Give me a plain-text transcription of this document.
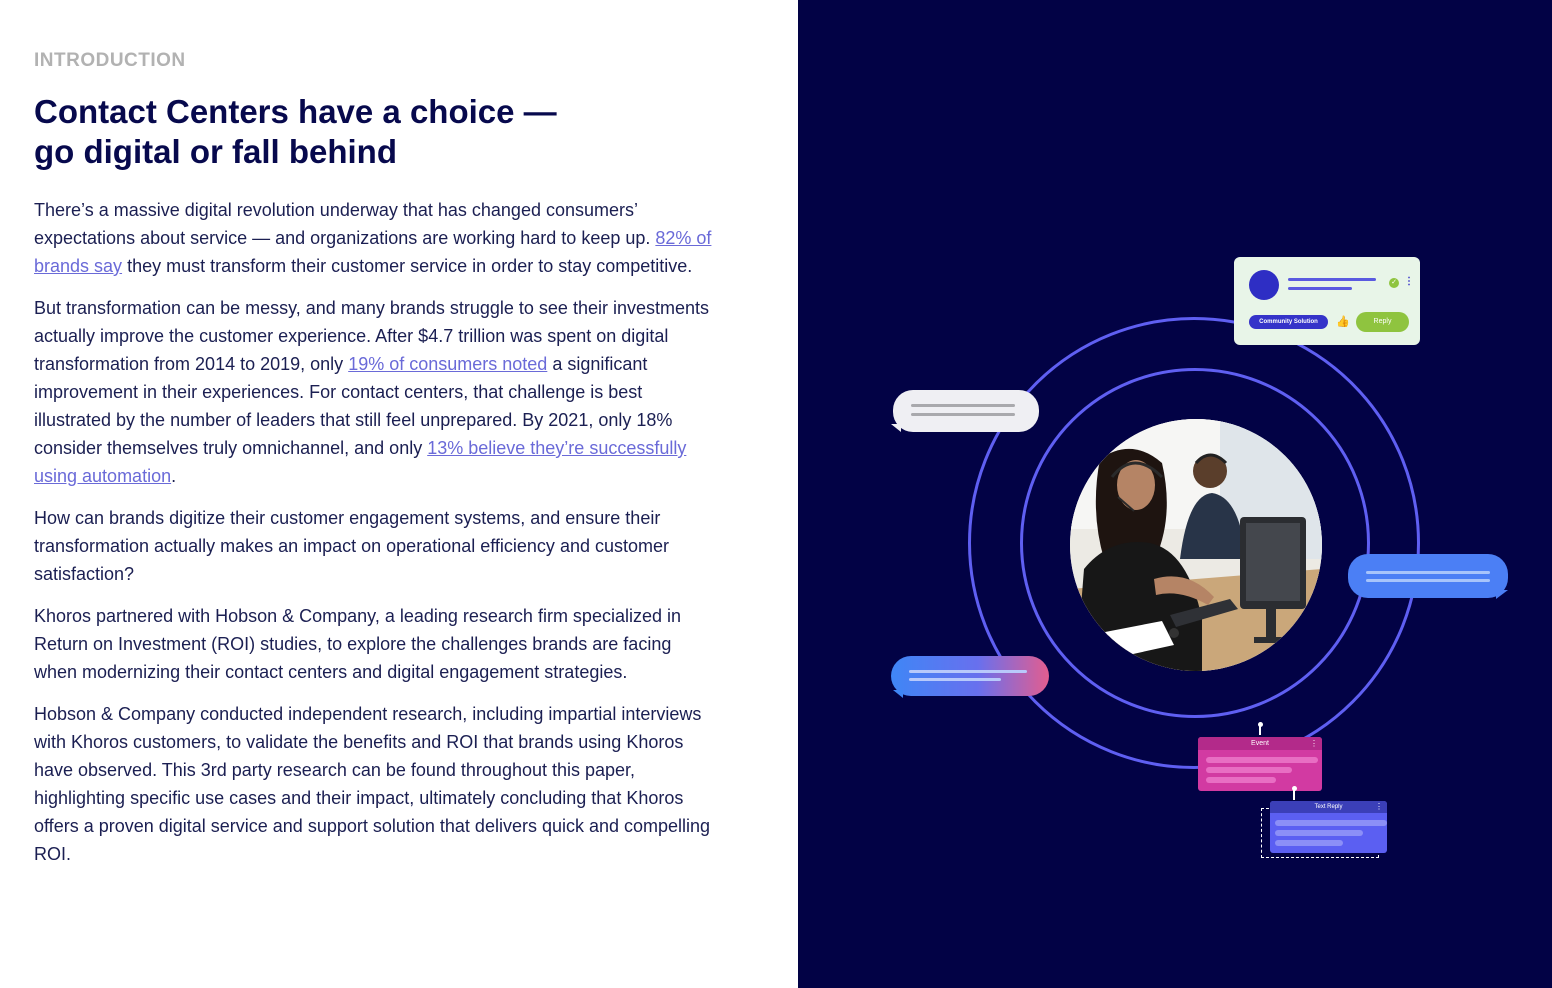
INTRODUCTION
Contact Centers have a choice —
go digital or fall behind

There’s a massive digital revolution underway that has changed consumers’ expectations about service — and organizations are working hard to keep up. 82% of brands say they must transform their customer service in order to stay competitive.

But transformation can be messy, and many brands struggle to see their investments actually improve the customer experience. After $4.7 trillion was spent on digital transformation from 2014 to 2019, only 19% of consumers noted a significant improvement in their experiences. For contact centers, that challenge is best illustrated by the number of leaders that still feel unprepared. By 2021, only 18% consider themselves truly omnichannel, and only 13% believe they’re successfully using automation.

How can brands digitize their customer engagement systems, and ensure their transformation actually makes an impact on operational efficiency and customer satisfaction?

Khoros partnered with Hobson & Company, a leading research firm specialized in Return on Investment (ROI) studies, to explore the challenges brands are facing when modernizing their contact centers and digital engagement strategies.

Hobson & Company conducted independent research, including impartial interviews with Khoros customers, to validate the benefits and ROI that brands using Khoros have observed. This 3rd party research can be found throughout this paper, highlighting specific use cases and their impact, ultimately concluding that Khoros offers a proven digital service and support solution that delivers quick and compelling ROI.

✓ ⋮
Community Solution	👍	Reply
Event	⋮
Text Reply	⋮
